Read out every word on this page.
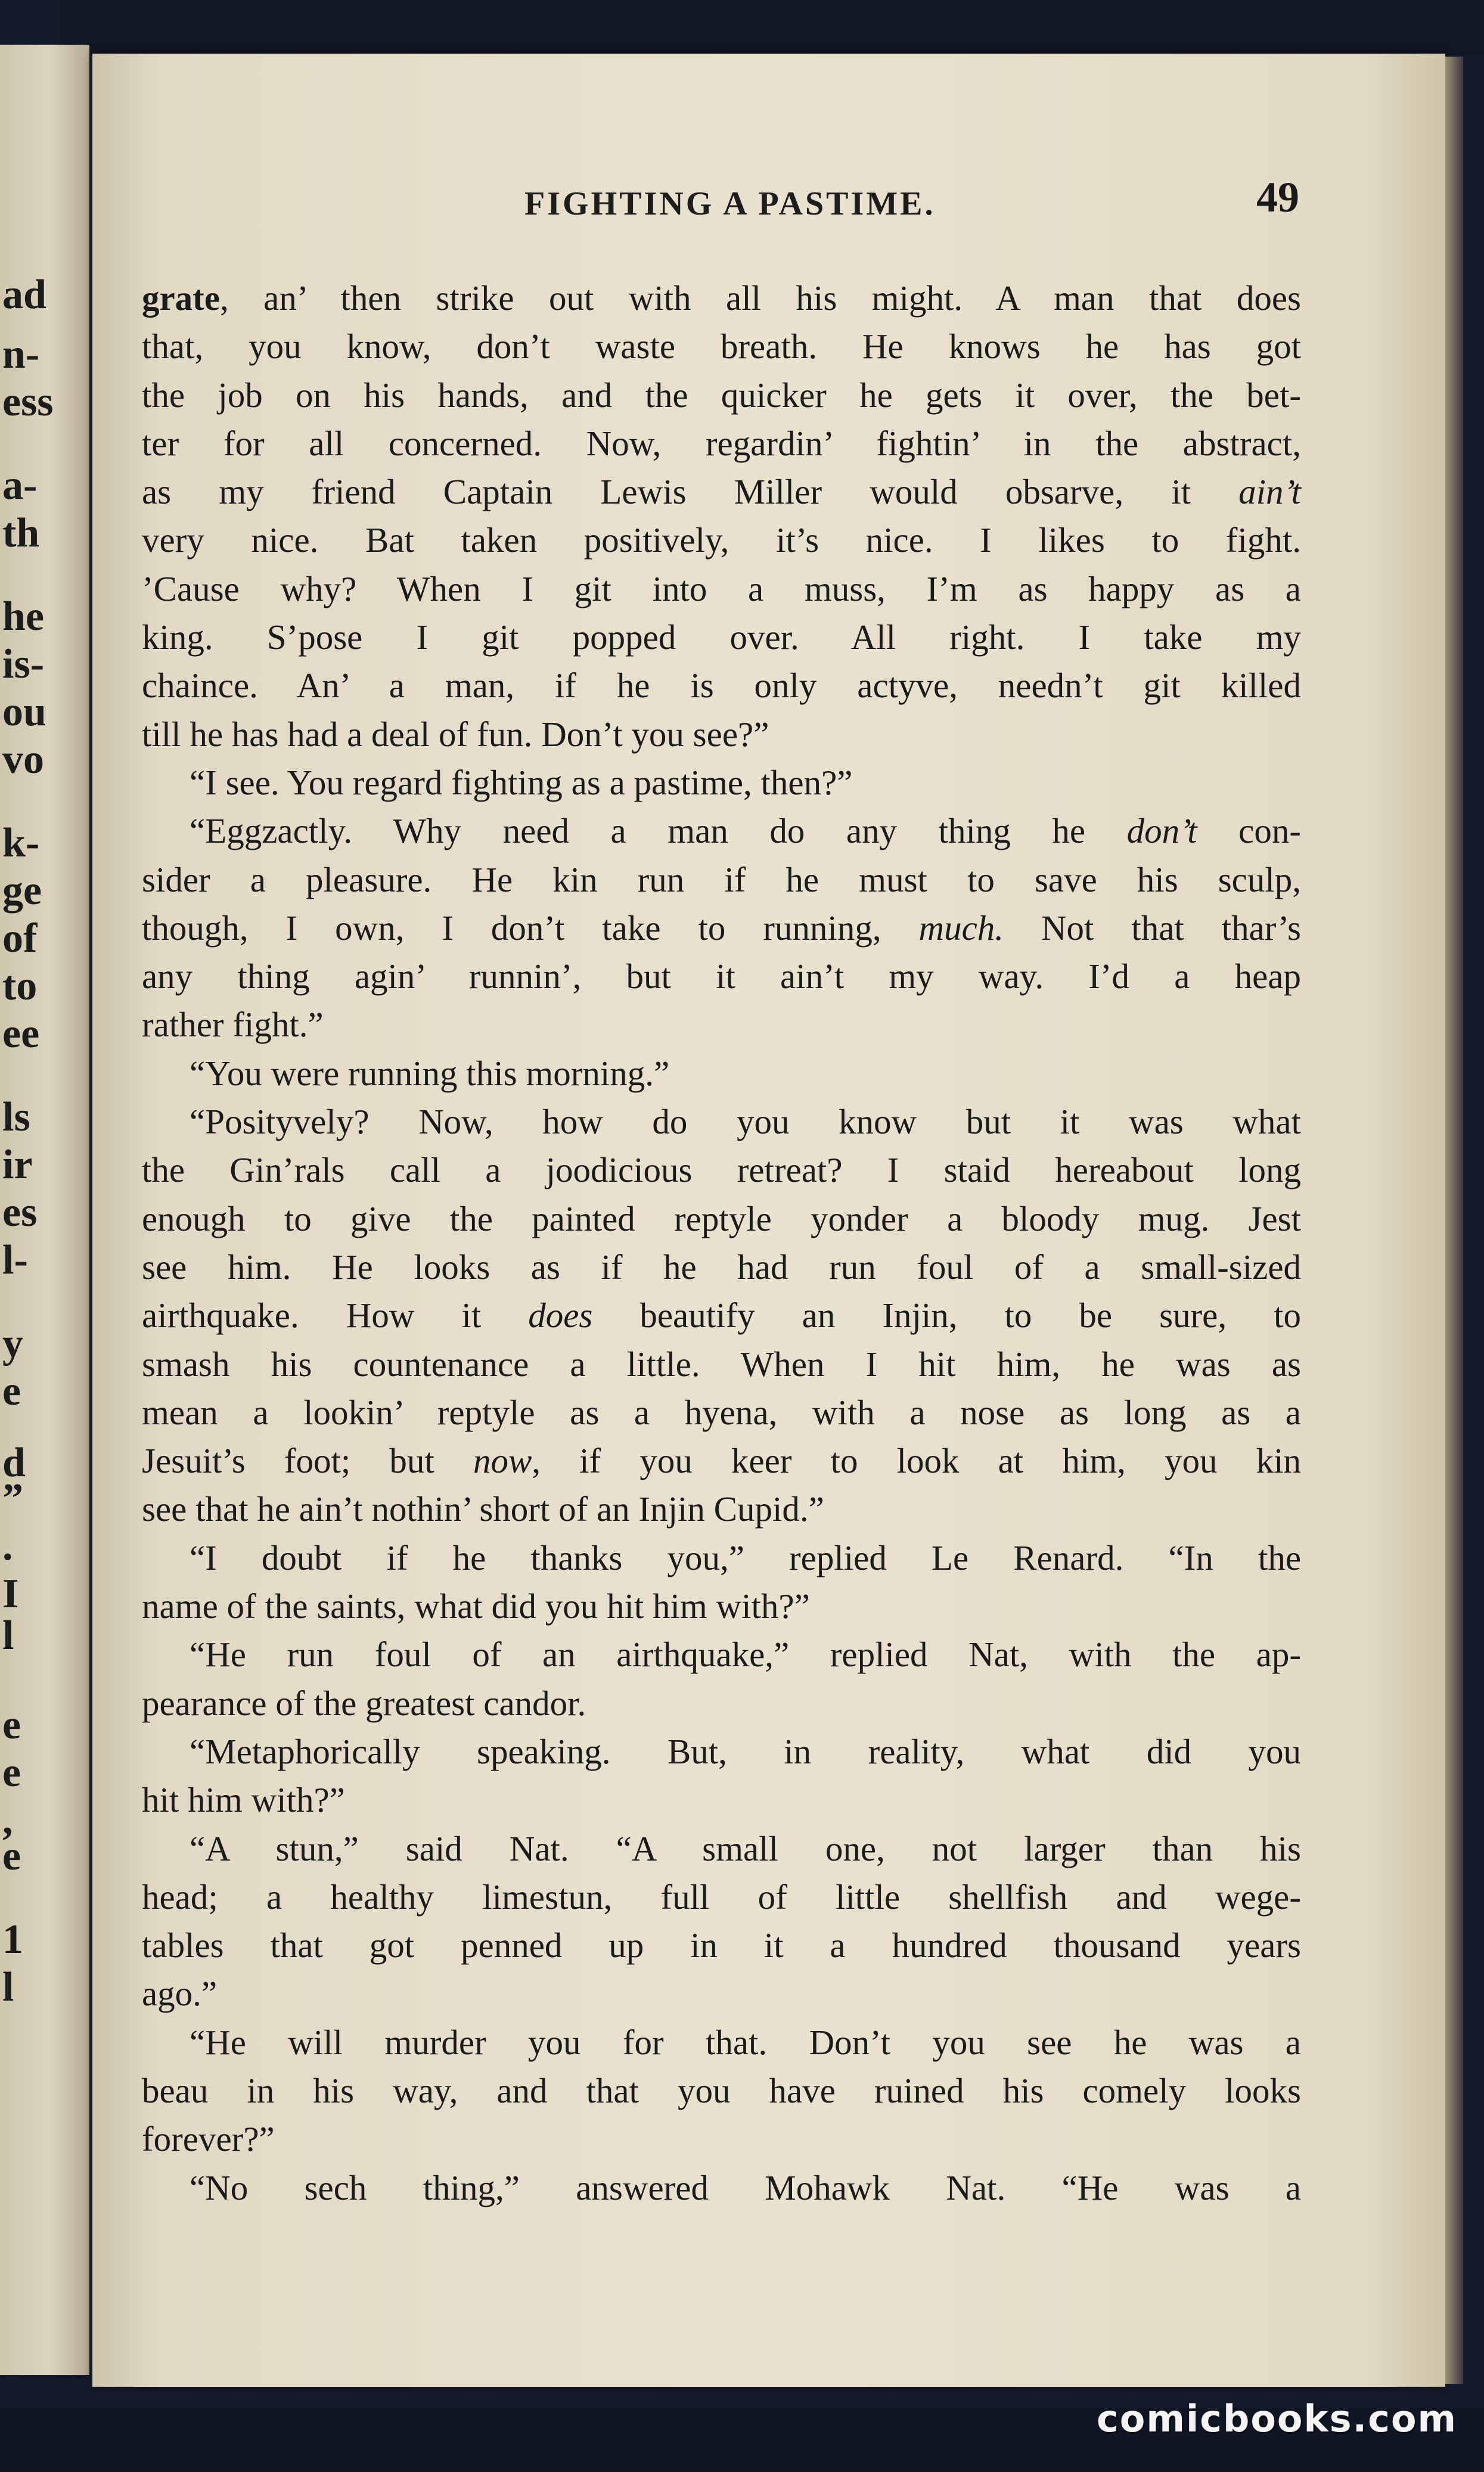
ad
n-
ess
a-
th
he
is-
ou
vo
k-
ge
of
to
ee
ls
ir
es
l-
y
e
d
”
.
I
l
e
e
,
e
1
l
FIGHTING A PASTIME.	49
grate, an’ then strike out with all his might. A man that does
that, you know, don’t waste breath. He knows he has got
the job on his hands, and the quicker he gets it over, the bet-
ter for all concerned. Now, regardin’ fightin’ in the abstract,
as my friend Captain Lewis Miller would obsarve, it ain’t
very nice. Bat taken positively, it’s nice. I likes to fight.
’Cause why? When I git into a muss, I’m as happy as a
king. S’pose I git popped over. All right. I take my
chaince. An’ a man, if he is only actyve, needn’t git killed
till he has had a deal of fun. Don’t you see?”
“I see. You regard fighting as a pastime, then?”
“Eggzactly. Why need a man do any thing he don’t con-
sider a pleasure. He kin run if he must to save his sculp,
though, I own, I don’t take to running, much. Not that thar’s
any thing agin’ runnin’, but it ain’t my way. I’d a heap
rather fight.”
“You were running this morning.”
“Posityvely? Now, how do you know but it was what
the Gin’rals call a joodicious retreat? I staid hereabout long
enough to give the painted reptyle yonder a bloody mug. Jest
see him. He looks as if he had run foul of a small-sized
airthquake. How it does beautify an Injin, to be sure, to
smash his countenance a little. When I hit him, he was as
mean a lookin’ reptyle as a hyena, with a nose as long as a
Jesuit’s foot; but now, if you keer to look at him, you kin
see that he ain’t nothin’ short of an Injin Cupid.”
“I doubt if he thanks you,” replied Le Renard. “In the
name of the saints, what did you hit him with?”
“He run foul of an airthquake,” replied Nat, with the ap-
pearance of the greatest candor.
“Metaphorically speaking. But, in reality, what did you
hit him with?”
“A stun,” said Nat. “A small one, not larger than his
head; a healthy limestun, full of little shellfish and wege-
tables that got penned up in it a hundred thousand years
ago.”
“He will murder you for that. Don’t you see he was a
beau in his way, and that you have ruined his comely looks
forever?”
“No sech thing,” answered Mohawk Nat. “He was a
comicbooks.com
